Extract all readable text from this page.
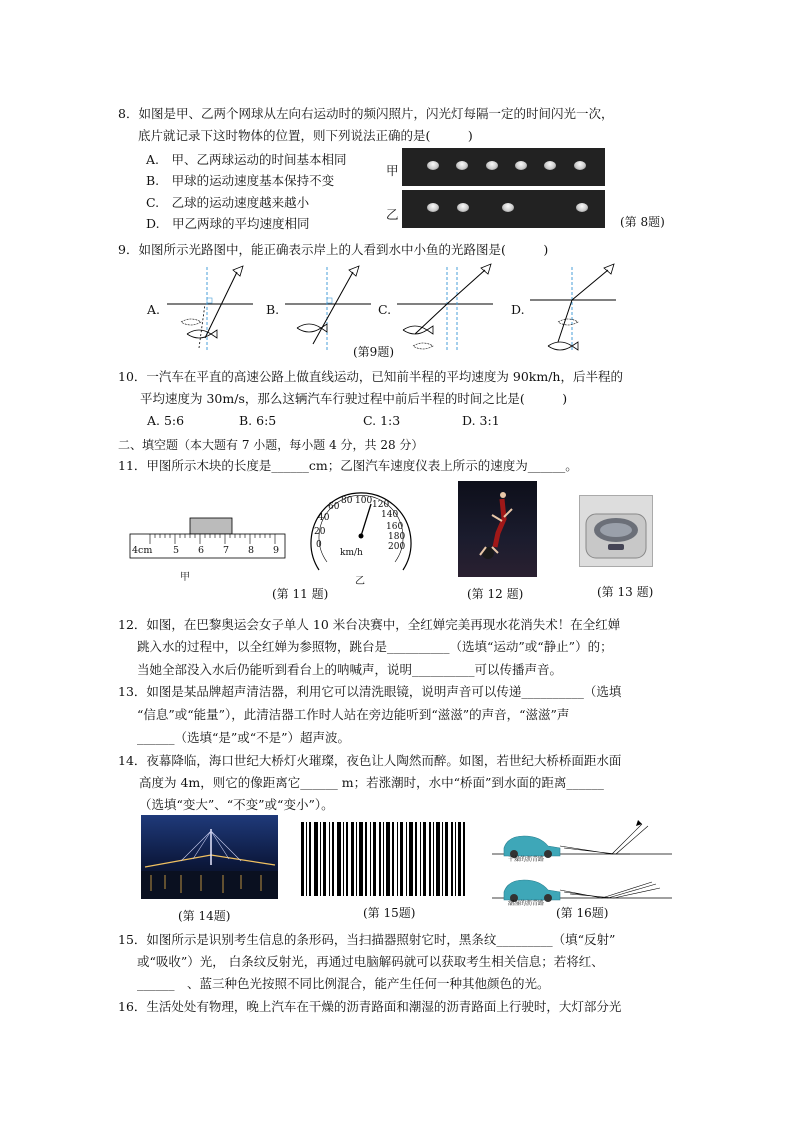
8．如图是甲、乙两个网球从左向右运动时的频闪照片，闪光灯每隔一定的时间闪光一次，
底片就记录下这时物体的位置，则下列说法正确的是(　　　)
A.　甲、乙两球运动的时间基本相同
B.　甲球的运动速度基本保持不变
C.　乙球的运动速度越来越小
D.　甲乙两球的平均速度相同
甲
乙	(第 8题)
9．如图所示光路图中，能正确表示岸上的人看到水中小鱼的光路图是(　　　)
A.	B.	C.	D.
(第9题)
10．一汽车在平直的高速公路上做直线运动，已知前半程的平均速度为 90km/h，后半程的
平均速度为 30m/s，那么这辆汽车行驶过程中前后半程的时间之比是(　　　)
A. 5:6	B. 6:5	C. 1:3	D. 3:1
二、填空题（本大题有 7 小题，每小题 4 分，共 28 分）
11．甲图所示木块的长度是______cm；乙图汽车速度仪表上所示的速度为______。
4cm 5 6 7 8 9
甲
0
20
40
60
80 100 120
140
160
180
200
km/h
乙
(第 11 题)	(第 12 题)	(第 13 题)
12．如图，在巴黎奥运会女子单人 10 米台决赛中，全红婵完美再现水花消失术！在全红婵
跳入水的过程中，以全红婵为参照物，跳台是__________（选填“运动”或“静止”）的；
当她全部没入水后仍能听到看台上的呐喊声，说明__________可以传播声音。
13．如图是某品牌超声清洁器，利用它可以清洗眼镜，说明声音可以传递__________（选填
“信息”或“能量”），此清洁器工作时人站在旁边能听到“滋滋”的声音，“滋滋”声
______（选填“是”或“不是”）超声波。
14．夜幕降临，海口世纪大桥灯火璀璨，夜色让人陶然而醉。如图，若世纪大桥桥面距水面
高度为 4m，则它的像距离它______ m；若涨潮时，水中“桥面”到水面的距离______
（选填“变大”、“不变”或“变小”）。
干燥的沥青路
潮湿的沥青路
(第 14题)	(第 15题)	(第 16题)
15．如图所示是识别考生信息的条形码，当扫描器照射它时，黑条纹_________（填“反射”
或“吸收”）光， 白条纹反射光，再通过电脑解码就可以获取考生相关信息；若将红、
______　、蓝三种色光按照不同比例混合，能产生任何一种其他颜色的光。
16．生活处处有物理，晚上汽车在干燥的沥青路面和潮湿的沥青路面上行驶时，大灯部分光
